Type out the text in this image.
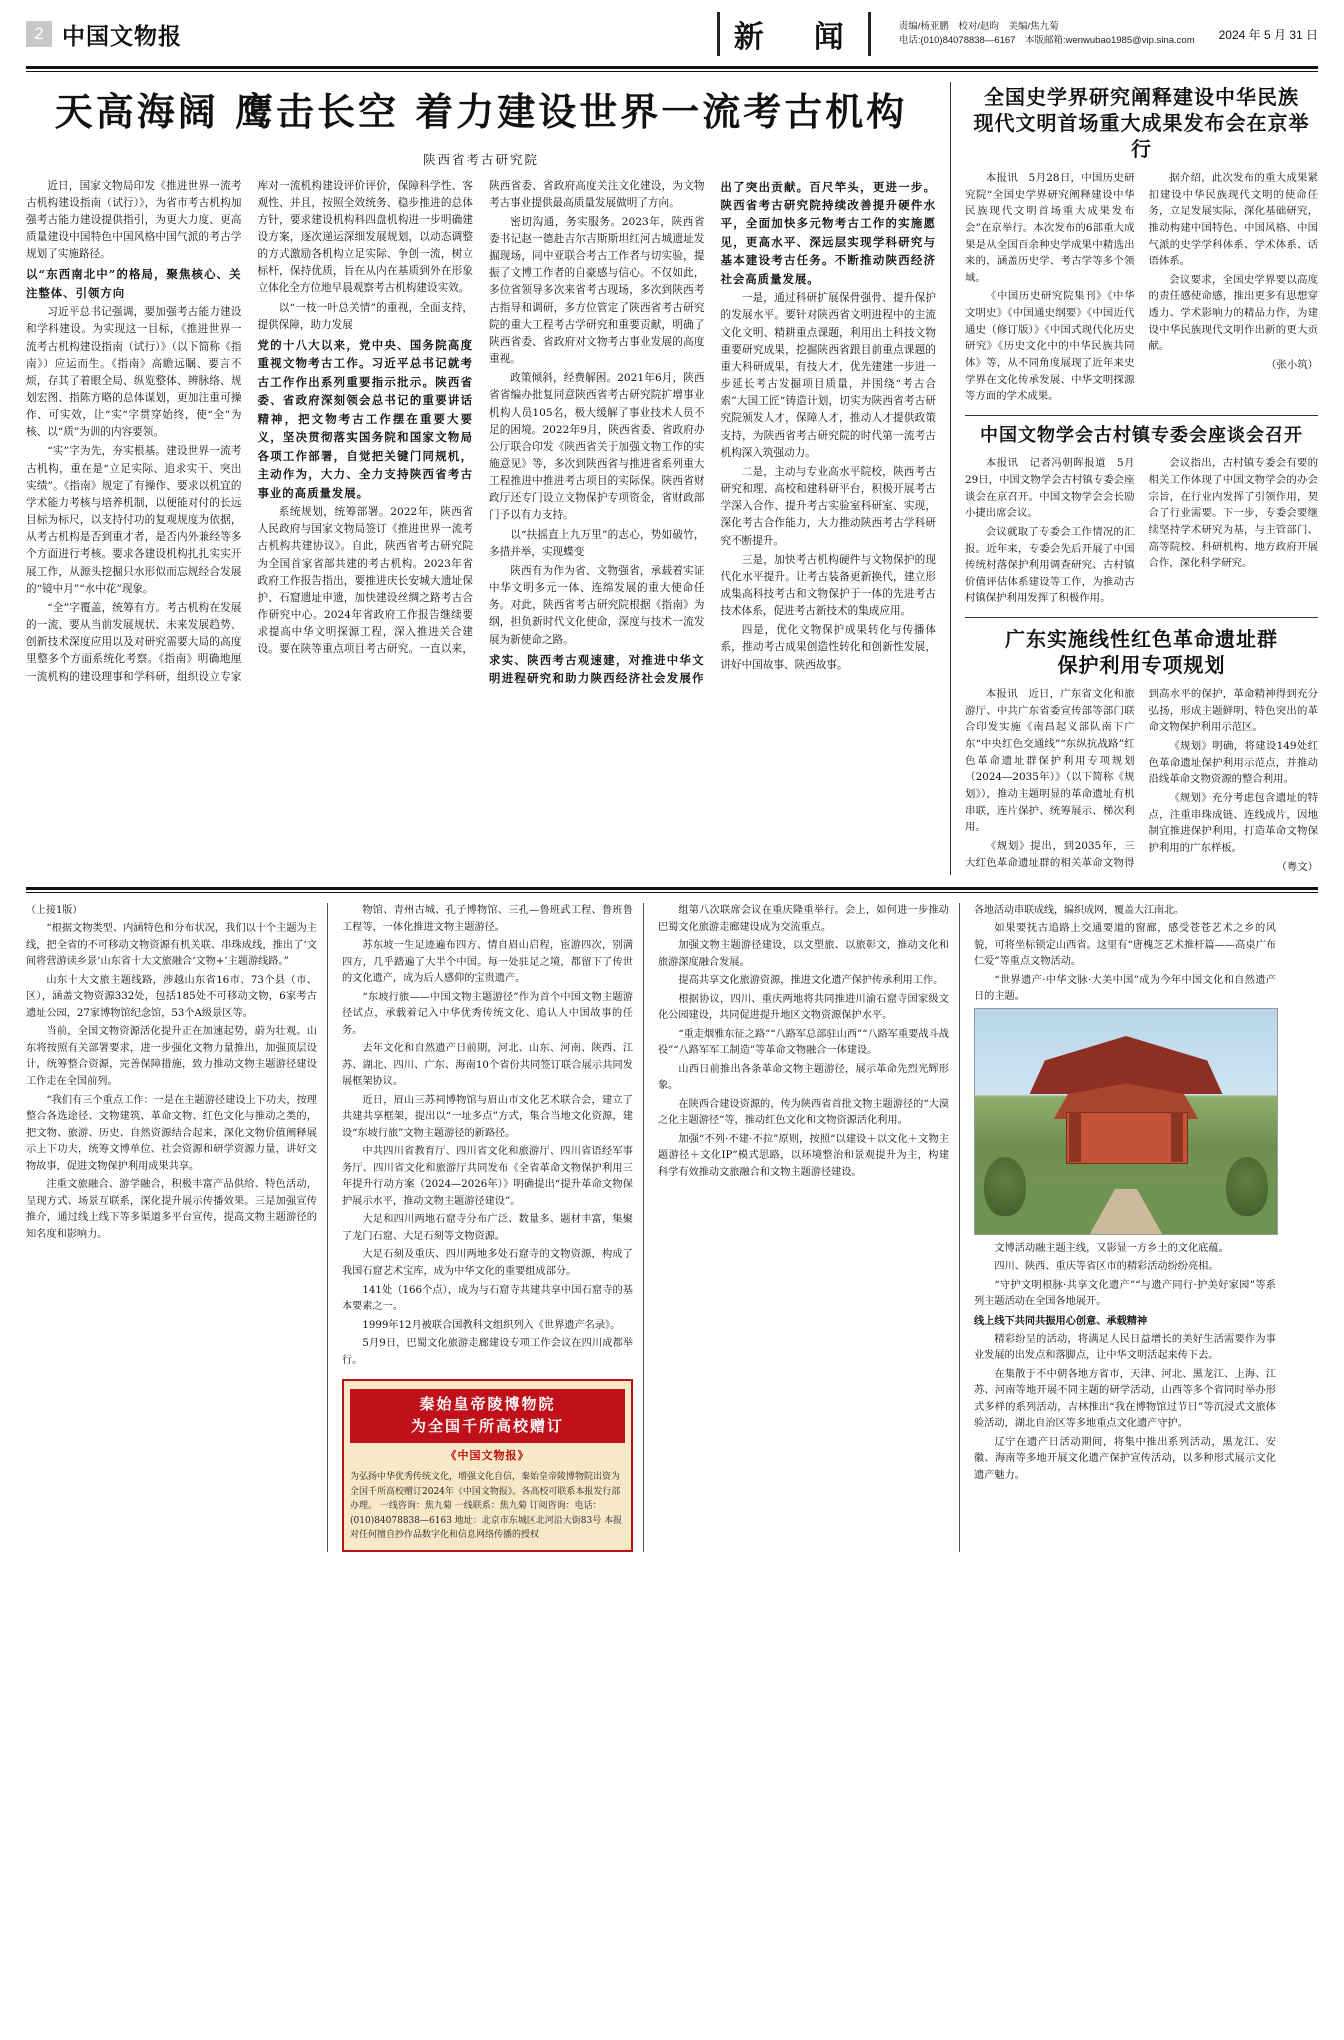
2 中国文物报	新　闻	责编/杨亚鹏　校对/赵昀　美编/焦九菊
电话:(010)84078838—6167　本版邮箱:wenwubao1985@vip.sina.com 2024 年 5 月 31 日
天高海阔 鹰击长空 着力建设世界一流考古机构
陕西省考古研究院

近日，国家文物局印发《推进世界一流考古机构建设指南（试行）》，为省市考古机构加强考古能力建设提供指引，为更大力度、更高质量建设中国特色中国风格中国气派的考古学规划了实施路径。

以“东西南北中”的格局，聚焦核心、关注整体、引领方向

习近平总书记强调，要加强考古能力建设和学科建设。为实现这一目标，《推进世界一流考古机构建设指南（试行）》（以下简称《指南》）应运而生。《指南》高瞻远瞩、要言不烦，存其了着眼全局、纵览整体、辨脉络、规划宏图、指陈方略的总体谋划，更加注重可操作、可实效，让“实”字贯穿始终，使“全”为核、以“质”为训的内容要领。

“实”字为先，夯实根基。建设世界一流考古机构，重在是“立足实际、追求实干、突出实绩”。《指南》规定了有操作、要求以机宜的学术能力考核与培养机制，以便能对付的长远目标为标尺，以支持付功的复观规度为依据，从考古机构是否到重才者，是否内外兼经等多个方面进行考核。要求各建设机构扎扎实实开展工作，从源头挖掘只水形似而忘规经合发展的“镜中月”“水中花”现象。

“全”字覆盖，统筹有方。考古机构在发展的一流、要从当前发展规状、未来发展趋势、创新技术深度应用以及对研究需要大局的高度里整多个方面系统化考察。《指南》明确地厘一流机构的建设理事和学科研，组织设立专家库对一流机构建设评价评价，保障科学性、客观性、并且，按照全效统务、稳步推进的总体方针，要求建设机构科四盘机构进一步明确建设方案，逐次递运深细发展规划，以动态调整的方式激励各机构立足实际、争创一流，树立标杆，保持优质，旨在从内在基质到外在形象立体化全方位地早晨观察考古机构建设实效。

以“一枝一叶总关情”的重视，全面支持，提供保障，助力发展

党的十八大以来，党中央、国务院高度重视文物考古工作。习近平总书记就考古工作作出系列重要指示批示。陕西省委、省政府深刻领会总书记的重要讲话精神，把文物考古工作摆在重要大要义，坚决贯彻落实国务院和国家文物局各项工作部署，自觉把关键门同规机，主动作为，大力、全力支持陕西省考古事业的高质量发展。

系统规划，统筹部署。2022年，陕西省人民政府与国家文物局签订《推进世界一流考古机构共建协议》。自此，陕西省考古研究院为全国首家省部共建的考古机构。2023年省政府工作报告指出，要推进庆长安城大遗址保护、石窟遗址申遗，加快建设丝绸之路考古合作研究中心。2024年省政府工作报告继续要求提高中华文明探源工程，深入推进关合建设。要在陕等重点项目考古研究。一直以来，陕西省委、省政府高度关注文化建设，为文物考古事业提供最高质量发展做明了方向。

密切沟通，务实服务。2023年，陕西省委书记赵一德赴吉尔吉斯斯坦红河古城遗址发掘现场，同中亚联合考古工作者与切实验，提振了文博工作者的自豪感与信心。不仅如此，多位省领导多次来省考古现场，多次到陕西考古指导和调研，多方位管定了陕西省考古研究院的重大工程考古学研究和重要贡献，明确了陕西省委、省政府对文物考古事业发展的高度重视。

政策倾斜，经费解困。2021年6月，陕西省省编办批复同意陕西省考古研究院扩增事业机构人员105名，极大缓解了事业技术人员不足的困境。2022年9月，陕西省委、省政府办公厅联合印发《陕西省关于加强文物工作的实施意见》等，多次到陕西省与推进省系列重大工程推进中推进考古项目的实际保。陕西省财政厅还专门设立文物保护专项资金，省财政部门予以有力支持。

以“扶摇直上九万里”的志心，势如破竹，多措并举，实现蝶变

陕西有为作为省、文物强省，承载着实证中华文明多元一体、连绵发展的重大使命任务。对此，陕西省考古研究院根据《指南》为纲，担负新时代文化使命，深度与技术一流发展为新使命之路。

求实、陕西考古观速建，对推进中华文明进程研究和助力陕西经济社会发展作出了突出贡献。百尺竿头，更进一步。陕西省考古研究院持续改善提升硬件水平，全面加快多元物考古工作的实施愿见，更高水平、深远层实现学科研究与基本建设考古任务。不断推动陕西经济社会高质量发展。

一是，通过科研扩展保骨强骨、提升保护的发展水平。要针对陕西省文明进程中的主流文化文明、精耕重点课题，利用出土科技文物重要研究成果，挖掘陕西省跟目前重点课题的重大科研成果，有技大才，优先建建一步进一步延长考古发掘项目质量，并围绕“考古合索”大国工匠”铸造计划，切实为陕西省考古研究院颁发人才，保障人才，推动人才提供政策支持，为陕西省考古研究院的时代第一流考古机构深入筑强动力。

二是，主动与专业高水平院校，陕西考古研究和理、高校和建科研平台，积极开展考古学深入合作、提升考古实验室科研室、实现，深化考古合作能力，大力推动陕西考古学科研究不断提升。

三是，加快考古机构硬件与文物保护的现代化水平提升。让考古装备更新换代，建立形成集高科技考古和文物保护于一体的先进考古技术体系，促进考古新技术的集成应用。

四是，优化文物保护成果转化与传播体系，推动考古成果创造性转化和创新性发展，讲好中国故事、陕西故事。

全国史学界研究阐释建设中华民族
现代文明首场重大成果发布会在京举行

本报讯　5月28日，中国历史研究院“全国史学界研究阐释建设中华民族现代文明首场重大成果发布会”在京举行。本次发布的6部重大成果是从全国百余种史学成果中精选出来的，涵盖历史学、考古学等多个领域。

《中国历史研究院集刊》《中华文明史》《中国通史纲要》《中国近代通史（修订版）》《中国式现代化历史研究》《历史文化中的中华民族共同体》等，从不同角度展现了近年来史学界在文化传承发展、中华文明探源等方面的学术成果。

据介绍，此次发布的重大成果紧扣建设中华民族现代文明的使命任务，立足发展实际，深化基础研究，推动构建中国特色、中国风格、中国气派的史学学科体系、学术体系、话语体系。

会议要求，全国史学界要以高度的责任感使命感，推出更多有思想穿透力、学术影响力的精品力作，为建设中华民族现代文明作出新的更大贡献。

（张小筑）

中国文物学会古村镇专委会座谈会召开

本报讯　记者冯朝晖报道　5月29日，中国文物学会古村镇专委会座谈会在京召开。中国文物学会会长励小捷出席会议。

会议就取了专委会工作情况的汇报。近年来，专委会先后开展了中国传统村落保护利用调查研究、古村镇价值评估体系建设等工作，为推动古村镇保护利用发挥了积极作用。

会议指出，古村镇专委会有要的相关工作体现了中国文物学会的办会宗旨，在行业内发挥了引领作用，契合了行业需要。下一步，专委会要继续坚持学术研究为基，与主管部门、高等院校、科研机构、地方政府开展合作，深化科学研究。

广东实施线性红色革命遗址群
保护利用专项规划

本报讯　近日，广东省文化和旅游厅、中共广东省委宣传部等部门联合印发实施《南昌起义部队南下广东“中央红色交通线”“东纵抗战路”红色革命遗址群保护利用专项规划（2024—2035年）》（以下简称《规划》），推动主题明显的革命遗址有机串联，连片保护、统筹展示、梯次利用。

《规划》提出，到2035年，三大红色革命遗址群的相关革命文物得到高水平的保护，革命精神得到充分弘扬，形成主题鲜明、特色突出的革命文物保护利用示范区。

《规划》明确，将建设149处红色革命遗址保护利用示范点，并推动沿线革命文物资源的整合利用。

《规划》充分考虑包含遗址的特点，注重串珠成链、连线成片，因地制宜推进保护利用，打造革命文物保护利用的广东样板。

（粤文）

（上接1版）

“根据文物类型、内涵特色和分布状况，我们以十个主题为主线，把全省的不可移动文物资源有机关联、串珠成线，推出了‘文间将营游读乡景’山东省十大文旅融合‘文物+’主题游线路。”

山东十大文旅主题线路，涉越山东省16市、73个县（市、区），涵盖文物资源332处，包括185处不可移动文物，6家考古遗址公园，27家博物馆纪念馆，53个A级景区等。

当前，全国文物资源活化提升正在加速起势，蔚为壮观。山东将按照有关部署要求，进一步强化文物力量推出，加强顶层设计，统筹整合资源，完善保障措施，致力推动文物主题游径建设工作走在全国前列。

“我们有三个重点工作：一是在主题游径建设上下功夫，按理整合各选途径、文物建筑、革命文物、红色文化与推动之类的，把文物、旅游、历史、自然资源结合起来，深化文物价值阐释展示上下功夫，统筹文博单位、社会资源和研学资源力量，讲好文物故事，促进文物保护利用成果共享。

注重文旅融合、游学融合，积极丰富产品供给、特色活动，呈现方式、场景互联系，深化提升展示传播效果。三是加强宣传推介，通过线上线下等多渠道多平台宣传，提高文物主题游径的知名度和影响力。

物馆、青州古城、孔子博物馆、三孔—鲁班武工程、鲁班鲁工程等，一体化推进文物主题游径。

苏东坡一生足迹遍布四方、情自眉山启程，宦游四次，别满四方，几乎踏遍了大半个中国。每一处驻足之境，都留下了传世的文化遗产，成为后人感仰的宝贵遗产。

“东坡行旅——中国文物主题游径”作为首个中国文物主题游径试点，承载着记入中华优秀传统文化、追认人中国故事的任务。

去年文化和自然遗产日前期，河北、山东、河南、陕西、江苏、湖北、四川、广东、海南10个省份共同签订联合展示共同发展框架协议。

近日，眉山三苏祠博物馆与眉山市文化艺术联合会，建立了共建共享框架，提出以“一址多点”方式，集合当地文化资源，建设“东坡行旅”文物主题游径的新路径。

中共四川省教育厅、四川省文化和旅游厅、四川省语经军事务厅、四川省文化和旅游厅共同发布《全省革命文物保护利用三年提升行动方案（2024—2026年）》明确提出“提升革命文物保护展示水平，推动文物主题游径建设”。

大足和四川两地石窟寺分布广泛、数量多、题材丰富，集聚了龙门石窟、大足石刻等文物资源。

大足石刻及重庆、四川两地多处石窟寺的文物资源，构成了我国石窟艺术宝库，成为中华文化的重要组成部分。

141处（166个点），成为与石窟寺共建共享中国石窟寺的基本要素之一。

1999年12月被联合国教科文组织列入《世界遗产名录》。

5月9日，巴蜀文化旅游走廊建设专项工作会议在四川成都举行。

秦始皇帝陵博物院
为全国千所高校赠订
《中国文物报》
为弘扬中华优秀传统文化，增强文化自信，秦始皇帝陵博物院出资为全国千所高校赠订2024年《中国文物报》。各高校可联系本报发行部办理。 一线咨询：焦九菊 一线联系：焦九菊 订阅咨询：电话：(010)84078838—6163 地址：北京市东城区北河沿大街83号 本报对任何擅自抄作品数字化和信息网络传播的授权

组第八次联席会议在重庆隆重举行。会上，如何进一步推动巴蜀文化旅游走廊建设成为交流重点。

加强文物主题游径建设，以文塑旅、以旅彰文，推动文化和旅游深度融合发展。

提高共享文化旅游资源，推进文化遗产保护传承利用工作。

根据协议，四川、重庆两地将共同推进川渝石窟寺国家级文化公园建设，共同促进提升地区文物资源保护水平。

“重走烟雅东征之路”“八路军总部驻山西”“八路军重要战斗战役”“八路军军工制造”等革命文物融合一体建设。

山西日前推出各条革命文物主题游径，展示革命先烈光辉形象。

在陕西合建设资源的，传为陕西省首批文物主题游径的“大漠之化主题游径”等，推动红色文化和文物资源活化利用。

加强“不列·不建·不拉”原则，按照“以建设＋以文化＋文物主题游径＋文化IP”模式思路，以环境整治和景观提升为主，构建科学有效推动文旅融合和文物主题游径建设。

各地活动串联成线，编织成网，覆盖大江南北。

如果要抚古追路上交通要道的窗廊，感受苍苍艺术之乡的风貌，可将坐标锁定山西省。这里有“唐槐芝艺术推杆篇——高桌广布仁爱”等重点文物活动。

“世界遗产·中华文脉·大美中国”成为今年中国文化和自然遗产日的主题。

文博活动融主题主线，又影显一方乡土的文化底蕴。

四川、陕西、重庆等省区市的精彩活动纷纷亮相。

“守护文明根脉·共享文化遗产”“与遗产同行·护美好家园”等系列主题活动在全国各地展开。

线上线下共同共振用心创意、承载精神

精彩纷呈的活动，将满足人民日益增长的美好生活需要作为事业发展的出发点和落脚点，让中华文明活起来传下去。

在集散于不中朝各地方省市，天津、河北、黑龙江、上海、江苏、河南等地开展不同主题的研学活动，山西等多个省同时举办形式多样的系列活动，吉林推出“我在博物馆过节日”等沉浸式文旅体验活动，湖北自治区等多地重点文化遗产守护。

辽宁在遗产日活动期间，将集中推出系列活动，黑龙江、安徽、海南等多地开展文化遗产保护宣传活动，以多种形式展示文化遗产魅力。
